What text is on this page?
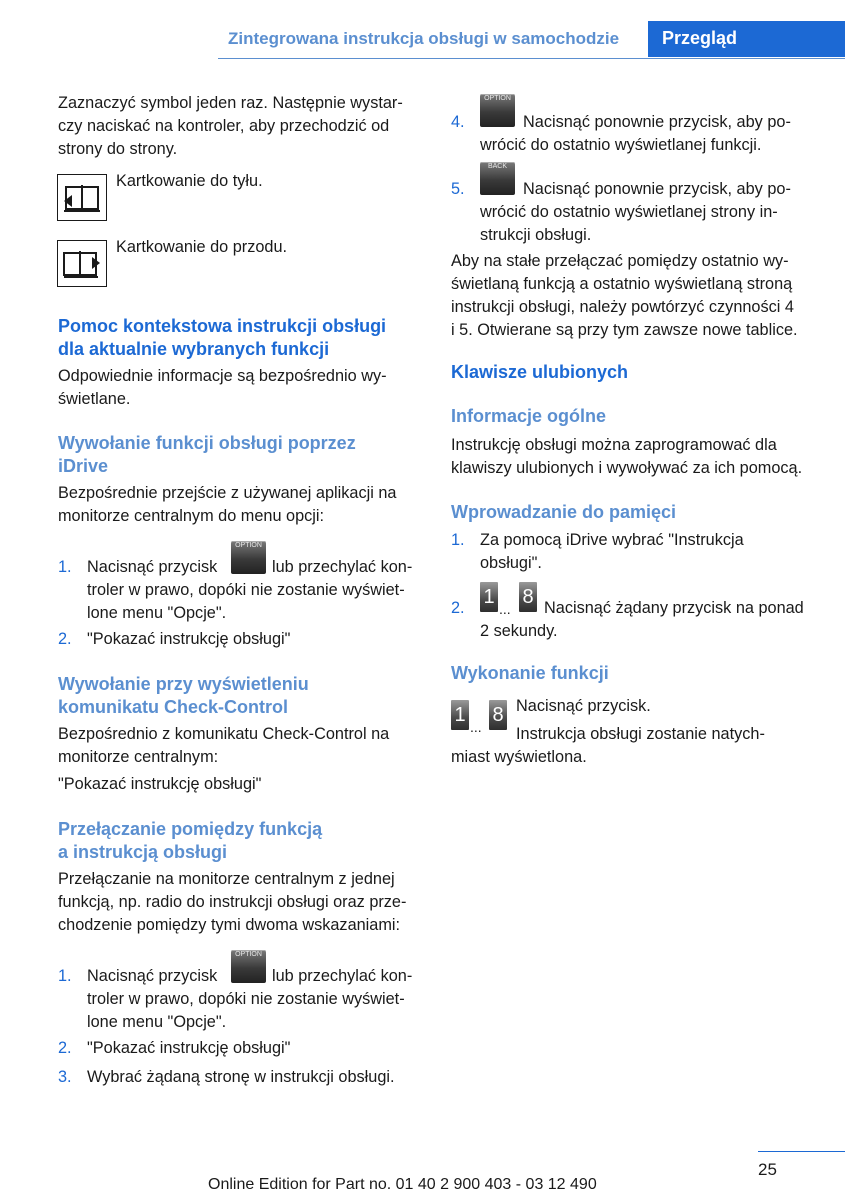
Zintegrowana instrukcja obsługi w samochodzie	Przegląd
Zaznaczyć symbol jeden raz. Następnie wystar-
czy naciskać na kontroler, aby przechodzić od
strony do strony.
Kartkowanie do tyłu.
Kartkowanie do przodu.
Pomoc kontekstowa instrukcji obsługi
dla aktualnie wybranych funkcji
Odpowiednie informacje są bezpośrednio wy-
świetlane.
Wywołanie funkcji obsługi poprzez
iDrive
Bezpośrednie przejście z używanej aplikacji na
monitorze centralnym do menu opcji:
1. Nacisnąć przycisk
OPTION
lub przechylać kon-
troler w prawo, dopóki nie zostanie wyświet-
lone menu "Opcje".
2. "Pokazać instrukcję obsługi"
Wywołanie przy wyświetleniu
komunikatu Check-Control
Bezpośrednio z komunikatu Check-Control na
monitorze centralnym:
"Pokazać instrukcję obsługi"
Przełączanie pomiędzy funkcją
a instrukcją obsługi
Przełączanie na monitorze centralnym z jednej
funkcją, np. radio do instrukcji obsługi oraz prze-
chodzenie pomiędzy tymi dwoma wskazaniami:
1. Nacisnąć przycisk
OPTION
lub przechylać kon-
troler w prawo, dopóki nie zostanie wyświet-
lone menu "Opcje".
2. "Pokazać instrukcję obsługi"
3. Wybrać żądaną stronę w instrukcji obsługi.
4.
OPTION
Nacisnąć ponownie przycisk, aby po-
wrócić do ostatnio wyświetlanej funkcji.
5.
BACK
Nacisnąć ponownie przycisk, aby po-
wrócić do ostatnio wyświetlanej strony in-
strukcji obsługi.
Aby na stałe przełączać pomiędzy ostatnio wy-
świetlaną funkcją a ostatnio wyświetlaną stroną
instrukcji obsługi, należy powtórzyć czynności 4
i 5. Otwierane są przy tym zawsze nowe tablice.
Klawisze ulubionych
Informacje ogólne
Instrukcję obsługi można zaprogramować dla
klawiszy ulubionych i wywoływać za ich pomocą.
Wprowadzanie do pamięci
1. Za pomocą iDrive wybrać "Instrukcja
obsługi".
2. 1
...
8 Nacisnąć żądany przycisk na ponad
2 sekundy.
Wykonanie funkcji
1
...
8 Nacisnąć przycisk.
Instrukcja obsługi zostanie natych-
miast wyświetlona.
25
Online Edition for Part no. 01 40 2 900 403 - 03 12 490
